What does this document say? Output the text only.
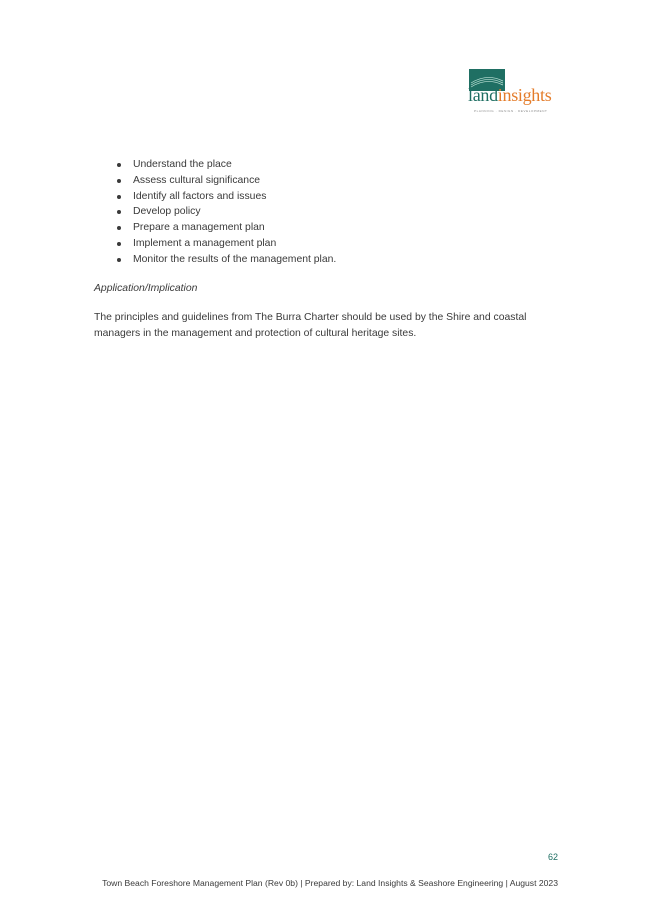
landinsights
PLANNING · DESIGN · DEVELOPMENT
Understand the place
Assess cultural significance
Identify all factors and issues
Develop policy
Prepare a management plan
Implement a management plan
Monitor the results of the management plan.
Application/Implication

The principles and guidelines from The Burra Charter should be used by the Shire and coastal managers in the management and protection of cultural heritage sites.

62
Town Beach Foreshore Management Plan (Rev 0b) | Prepared by: Land Insights & Seashore Engineering | August 2023
